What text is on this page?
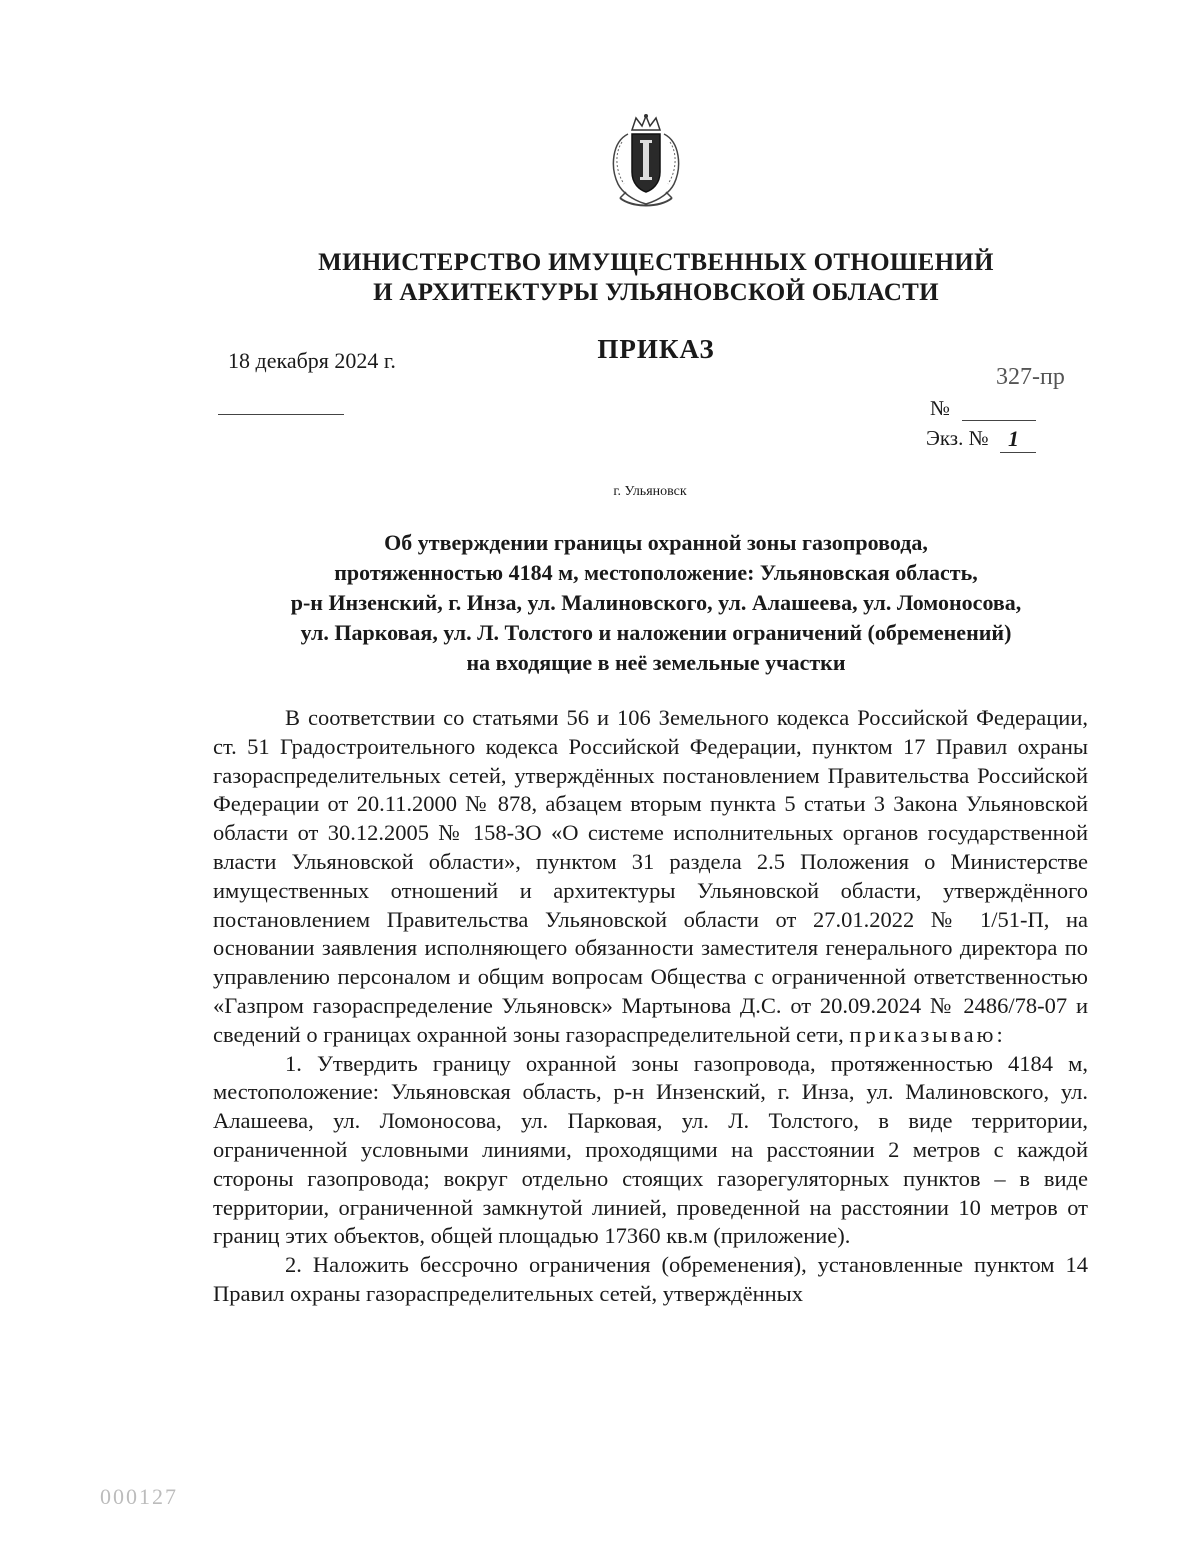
МИНИСТЕРСТВО ИМУЩЕСТВЕННЫХ ОТНОШЕНИЙ
И АРХИТЕКТУРЫ УЛЬЯНОВСКОЙ ОБЛАСТИ
ПРИКАЗ
18 декабря 2024 г.
327-пр
№
Экз. № 1
г. Ульяновск
Об утверждении границы охранной зоны газопровода,
протяженностью 4184 м, местоположение: Ульяновская область,
р-н Инзенский, г. Инза, ул. Малиновского, ул. Алашеева, ул. Ломоносова,
ул. Парковая, ул. Л. Толстого и наложении ограничений (обременений)
на входящие в неё земельные участки

В соответствии со статьями 56 и 106 Земельного кодекса Российской Федерации, ст. 51 Градостроительного кодекса Российской Федерации, пунктом 17 Правил охраны газораспределительных сетей, утверждённых постановлением Правительства Российской Федерации от 20.11.2000 № 878, абзацем вторым пункта 5 статьи 3 Закона Ульяновской области от 30.12.2005 № 158-ЗО «О системе исполнительных органов государственной власти Ульяновской области», пунктом 31 раздела 2.5 Положения о Министерстве имущественных отношений и архитектуры Ульяновской области, утверждённого постановлением Правительства Ульяновской области от 27.01.2022 № 1/51-П, на основании заявления исполняющего обязанности заместителя генерального директора по управлению персоналом и общим вопросам Общества с ограниченной ответственностью «Газпром газораспределение Ульяновск» Мартынова Д.С. от 20.09.2024 № 2486/78-07 и сведений о границах охранной зоны газораспределительной сети, приказываю:

1. Утвердить границу охранной зоны газопровода, протяженностью 4184 м, местоположение: Ульяновская область, р-н Инзенский, г. Инза, ул. Малиновского, ул. Алашеева, ул. Ломоносова, ул. Парковая, ул. Л. Толстого, в виде территории, ограниченной условными линиями, проходящими на расстоянии 2 метров с каждой стороны газопровода; вокруг отдельно стоящих газорегуляторных пунктов – в виде территории, ограниченной замкнутой линией, проведенной на расстоянии 10 метров от границ этих объектов, общей площадью 17360 кв.м (приложение).

2. Наложить бессрочно ограничения (обременения), установленные пунктом 14 Правил охраны газораспределительных сетей, утверждённых

000127
